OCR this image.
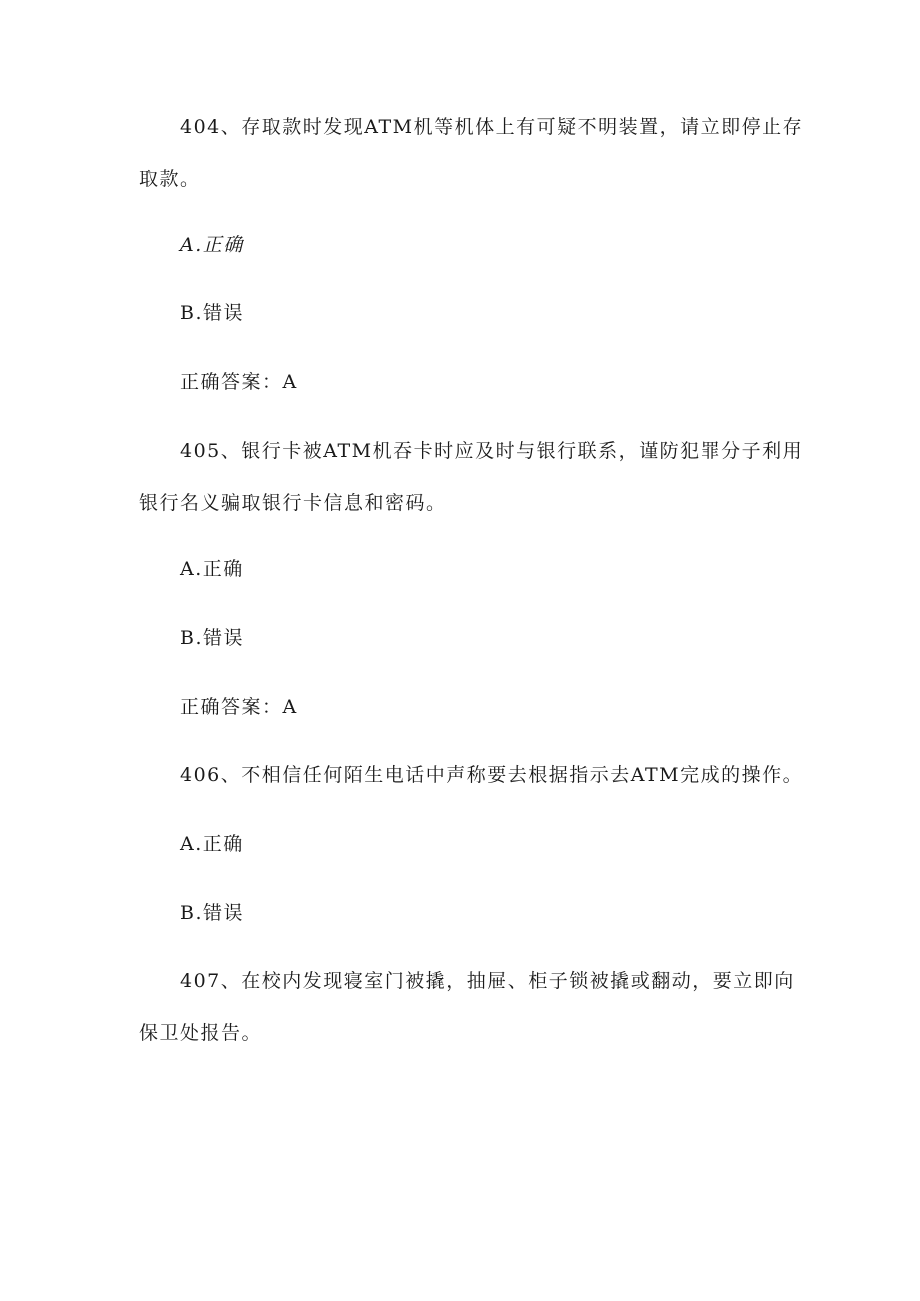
404、存取款时发现ATM机等机体上有可疑不明装置，请立即停止存
取款。
A.正确
B.错误
正确答案：A
405、银行卡被ATM机吞卡时应及时与银行联系，谨防犯罪分子利用
银行名义骗取银行卡信息和密码。
A.正确
B.错误
正确答案：A
406、不相信任何陌生电话中声称要去根据指示去ATM完成的操作。
A.正确
B.错误
407、在校内发现寝室门被撬，抽屉、柜子锁被撬或翻动，要立即向
保卫处报告。
